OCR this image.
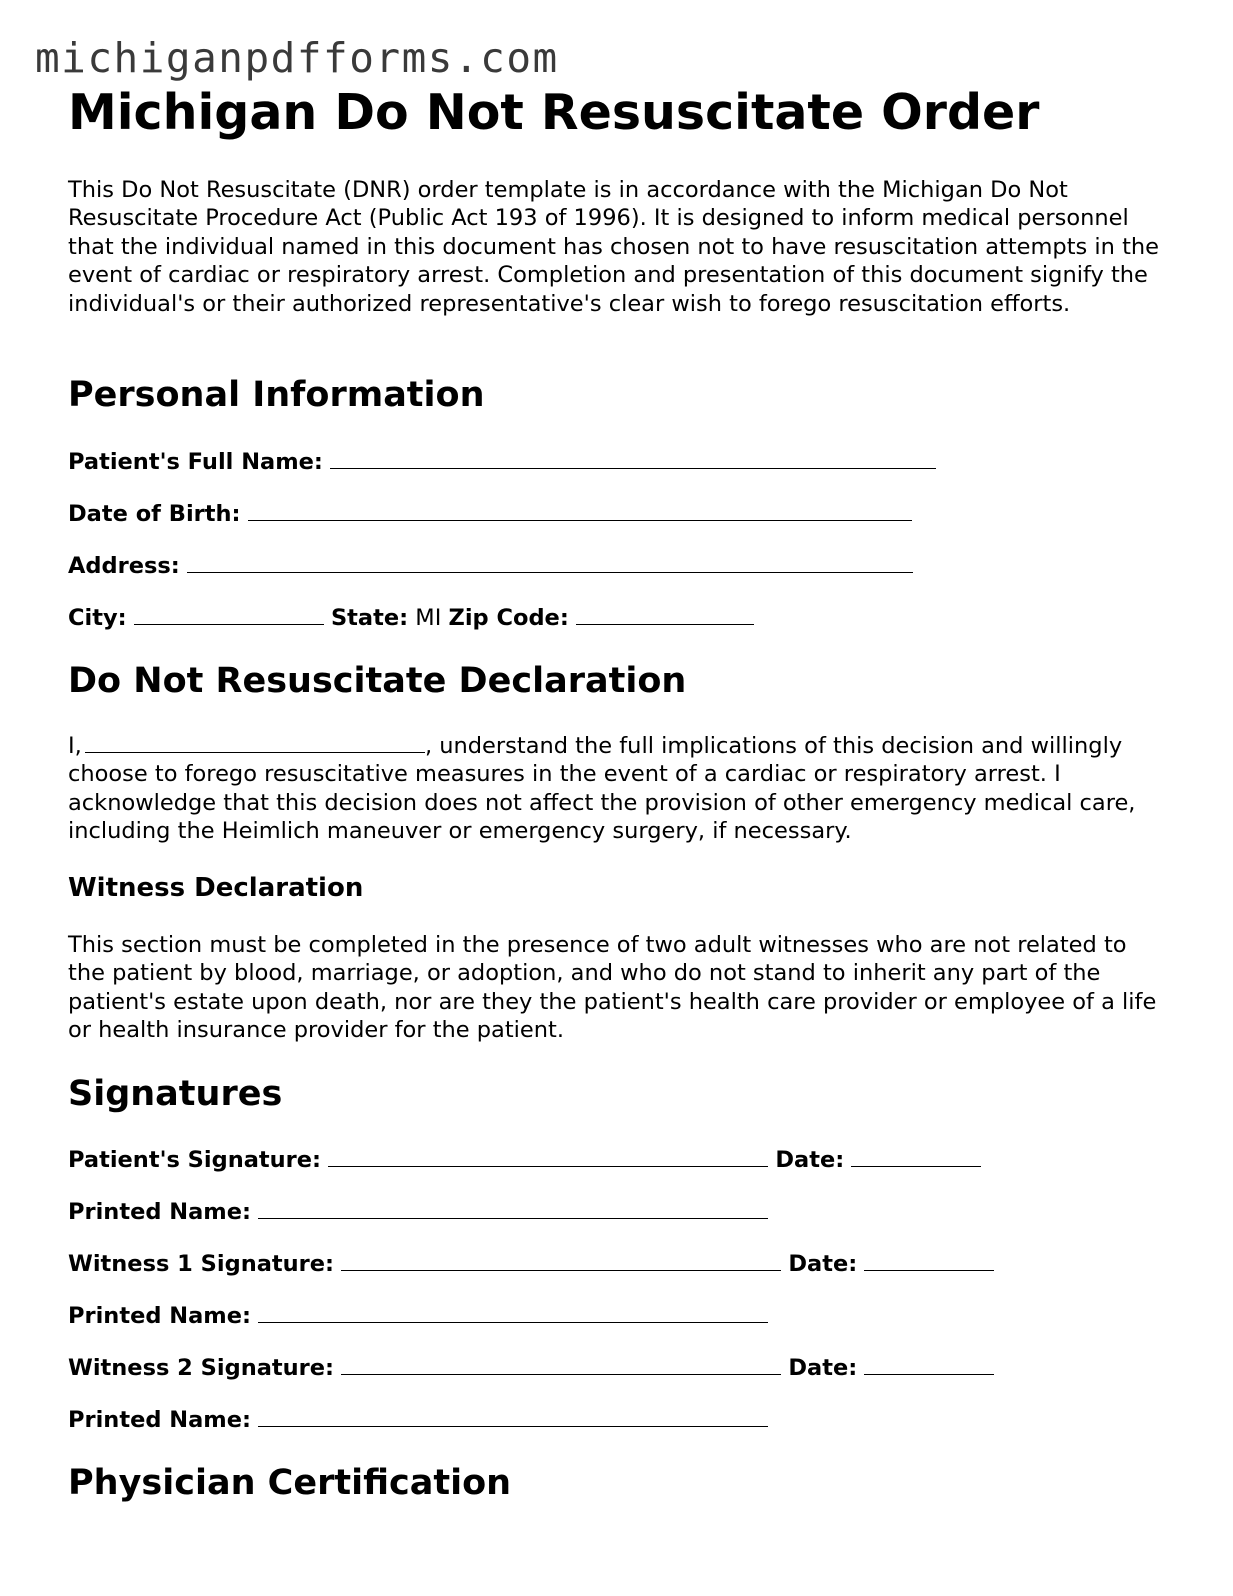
michiganpdfforms.com
Michigan Do Not Resuscitate Order

This Do Not Resuscitate (DNR) order template is in accordance with the Michigan Do Not Resuscitate Procedure Act (Public Act 193 of 1996). It is designed to inform medical personnel that the individual named in this document has chosen not to have resuscitation attempts in the event of cardiac or respiratory arrest. Completion and presentation of this document signify the individual's or their authorized representative's clear wish to forego resuscitation efforts.

Personal Information
Patient's Full Name:
Date of Birth:
Address:
City:	State: MI Zip Code:
Do Not Resuscitate Declaration
I,	, understand the full implications of this decision and willingly choose to forego resuscitative measures in the event of a cardiac or respiratory arrest. I acknowledge that this decision does not affect the provision of other emergency medical care, including the Heimlich maneuver or emergency surgery, if necessary.
Witness Declaration

This section must be completed in the presence of two adult witnesses who are not related to the patient by blood, marriage, or adoption, and who do not stand to inherit any part of the patient's estate upon death, nor are they the patient's health care provider or employee of a life or health insurance provider for the patient.

Signatures
Patient's Signature:	Date:
Printed Name:
Witness 1 Signature:	Date:
Printed Name:
Witness 2 Signature:	Date:
Printed Name:
Physician Certification
